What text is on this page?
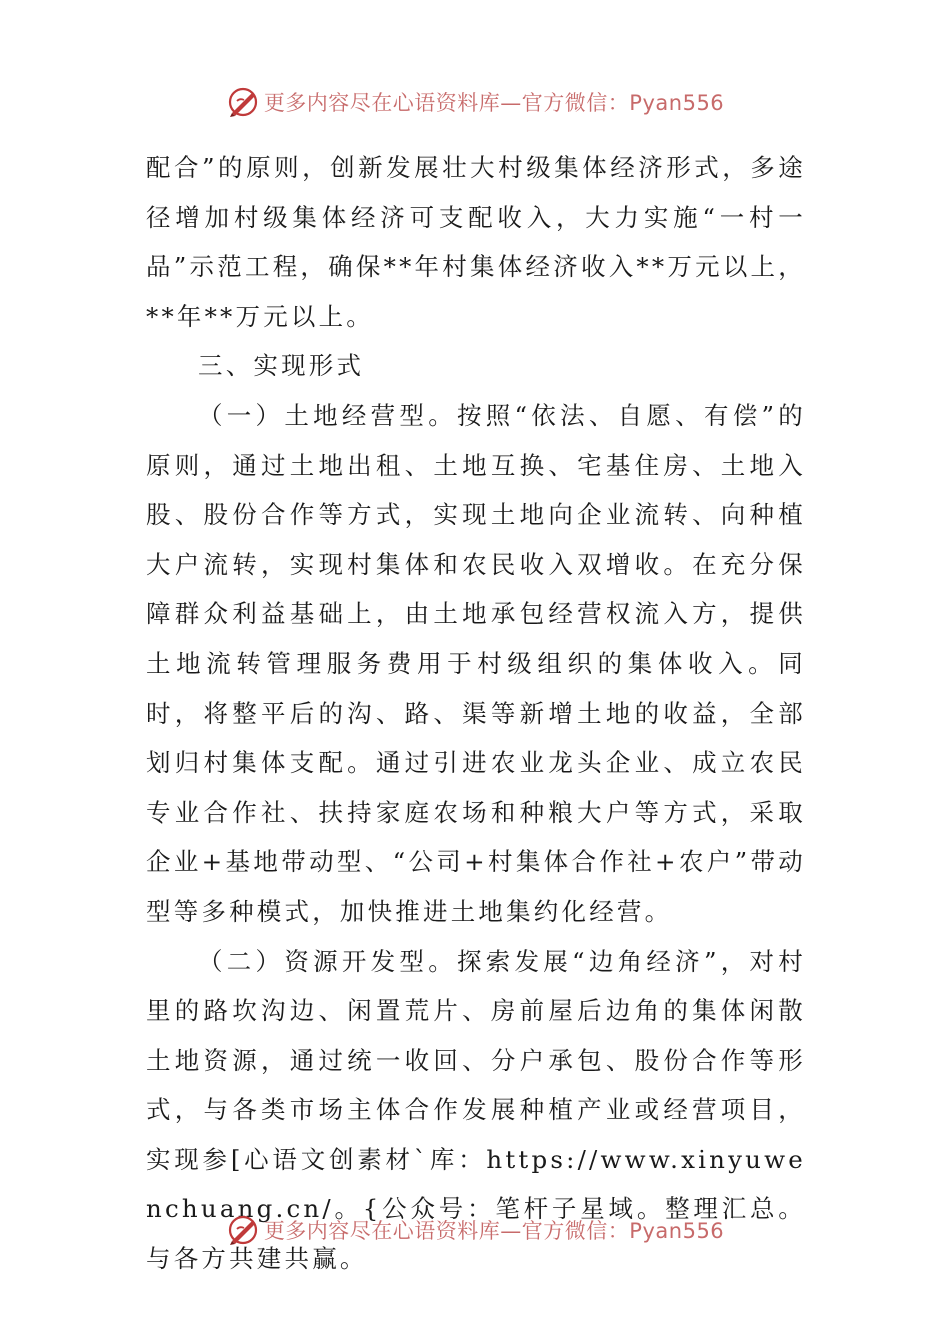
更多内容尽在心语资料库—官方微信：Pyan556

配合”的原则，创新发展壮大村级集体经济形式，多途径增加村级集体经济可支配收入，大力实施“一村一品”示范工程，确保**年村集体经济收入**万元以上，**年**万元以上。

三、实现形式

（一）土地经营型。按照“依法、自愿、有偿”的原则，通过土地出租、土地互换、宅基住房、土地入股、股份合作等方式，实现土地向企业流转、向种植大户流转，实现村集体和农民收入双增收。在充分保障群众利益基础上，由土地承包经营权流入方，提供土地流转管理服务费用于村级组织的集体收入。同时，将整平后的沟、路、渠等新增土地的收益，全部划归村集体支配。通过引进农业龙头企业、成立农民专业合作社、扶持家庭农场和种粮大户等方式，采取企业+基地带动型、“公司+村集体合作社+农户”带动型等多种模式，加快推进土地集约化经营。

（二）资源开发型。探索发展“边角经济”，对村里的路坎沟边、闲置荒片、房前屋后边角的集体闲散土地资源，通过统一收回、分户承包、股份合作等形式，与各类市场主体合作发展种植产业或经营项目，实现参[心语文创素材`库：https://www.xinyuwenchuang.cn/。{公众号：笔杆子星域。整理汇总。与各方共建共赢。

更多内容尽在心语资料库—官方微信：Pyan556
